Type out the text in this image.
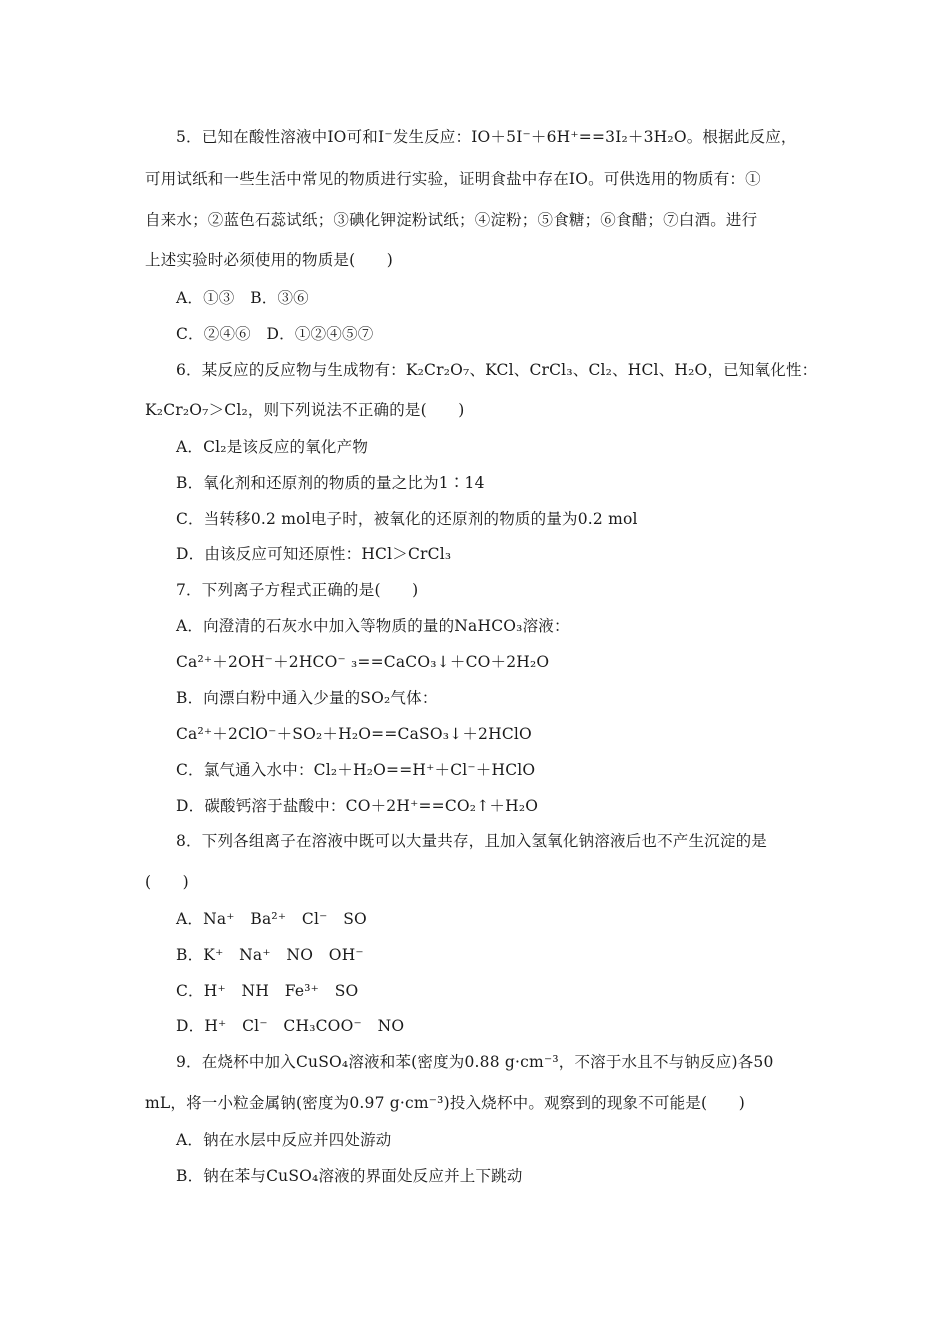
5．已知在酸性溶液中IO可和I⁻发生反应：IO＋5I⁻＋6H⁺==3I₂＋3H₂O。根据此反应，
可用试纸和一些生活中常见的物质进行实验，证明食盐中存在IO。可供选用的物质有：①
自来水；②蓝色石蕊试纸；③碘化钾淀粉试纸；④淀粉；⑤食糖；⑥食醋；⑦白酒。进行
上述实验时必须使用的物质是(　　)
A．①③　B．③⑥
C．②④⑥　D．①②④⑤⑦
6．某反应的反应物与生成物有：K₂Cr₂O₇、KCl、CrCl₃、Cl₂、HCl、H₂O，已知氧化性：
K₂Cr₂O₇＞Cl₂，则下列说法不正确的是(　　)
A．Cl₂是该反应的氧化产物
B．氧化剂和还原剂的物质的量之比为1∶14
C．当转移0.2 mol电子时，被氧化的还原剂的物质的量为0.2 mol
D．由该反应可知还原性：HCl＞CrCl₃
7．下列离子方程式正确的是(　　)
A．向澄清的石灰水中加入等物质的量的NaHCO₃溶液：
Ca²⁺＋2OH⁻＋2HCO⁻ ₃==CaCO₃↓＋CO＋2H₂O
B．向漂白粉中通入少量的SO₂气体：
Ca²⁺＋2ClO⁻＋SO₂＋H₂O==CaSO₃↓＋2HClO
C．氯气通入水中：Cl₂＋H₂O==H⁺＋Cl⁻＋HClO
D．碳酸钙溶于盐酸中：CO＋2H⁺==CO₂↑＋H₂O
8．下列各组离子在溶液中既可以大量共存，且加入氢氧化钠溶液后也不产生沉淀的是
(　　)
A．Na⁺　Ba²⁺　Cl⁻　SO
B．K⁺　Na⁺　NO　OH⁻
C．H⁺　NH　Fe³⁺　SO
D．H⁺　Cl⁻　CH₃COO⁻　NO
9．在烧杯中加入CuSO₄溶液和苯(密度为0.88 g·cm⁻³，不溶于水且不与钠反应)各50
mL，将一小粒金属钠(密度为0.97 g·cm⁻³)投入烧杯中。观察到的现象不可能是(　　)
A．钠在水层中反应并四处游动
B．钠在苯与CuSO₄溶液的界面处反应并上下跳动
